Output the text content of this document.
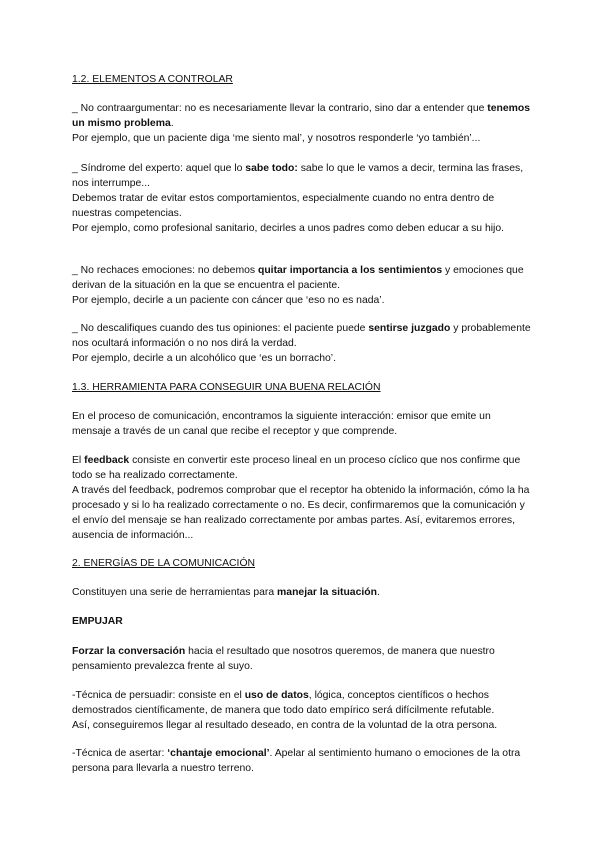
1.2. ELEMENTOS A CONTROLAR

_ No contraargumentar: no es necesariamente llevar la contrario, sino dar a entender que tenemos un mismo problema.

Por ejemplo, que un paciente diga ‘me siento mal’, y nosotros responderle ‘yo también’...

_ Síndrome del experto: aquel que lo sabe todo: sabe lo que le vamos a decir, termina las frases, nos interrumpe...

Debemos tratar de evitar estos comportamientos, especialmente cuando no entra dentro de nuestras competencias.

Por ejemplo, como profesional sanitario, decirles a unos padres como deben educar a su hijo.

_ No rechaces emociones: no debemos quitar importancia a los sentimientos y emociones que derivan de la situación en la que se encuentra el paciente.

Por ejemplo, decirle a un paciente con cáncer que ‘eso no es nada’.

_ No descalifiques cuando des tus opiniones: el paciente puede sentirse juzgado y probablemente nos ocultará información o no nos dirá la verdad.

Por ejemplo, decirle a un alcohólico que ‘es un borracho’.

1.3. HERRAMIENTA PARA CONSEGUIR UNA BUENA RELACIÓN

En el proceso de comunicación, encontramos la siguiente interacción: emisor que emite un mensaje a través de un canal que recibe el receptor y que comprende.

El feedback consiste en convertir este proceso lineal en un proceso cíclico que nos confirme que todo se ha realizado correctamente.

A través del feedback, podremos comprobar que el receptor ha obtenido la información, cómo la ha procesado y si lo ha realizado correctamente o no. Es decir, confirmaremos que la comunicación y el envío del mensaje se han realizado correctamente por ambas partes. Así, evitaremos errores, ausencia de información...

2. ENERGÍAS DE LA COMUNICACIÓN

Constituyen una serie de herramientas para manejar la situación.

EMPUJAR

Forzar la conversación hacia el resultado que nosotros queremos, de manera que nuestro pensamiento prevalezca frente al suyo.

-Técnica de persuadir: consiste en el uso de datos, lógica, conceptos científicos o hechos demostrados científicamente, de manera que todo dato empírico será difícilmente refutable.

Así, conseguiremos llegar al resultado deseado, en contra de la voluntad de la otra persona.

-Técnica de asertar: ‘chantaje emocional’. Apelar al sentimiento humano o emociones de la otra persona para llevarla a nuestro terreno.
